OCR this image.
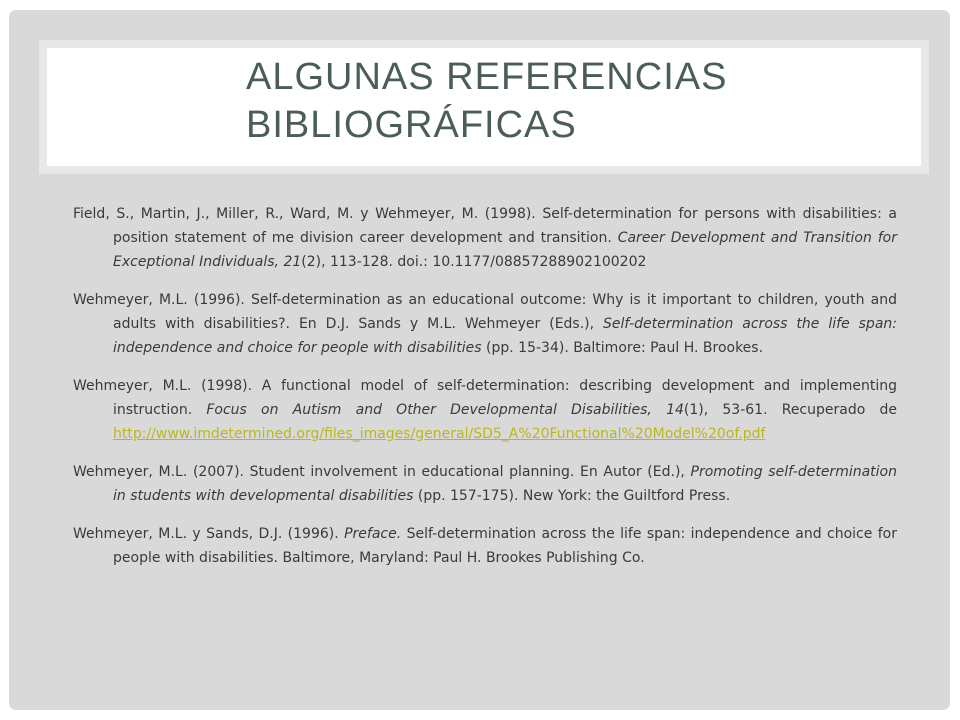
ALGUNAS REFERENCIAS
BIBLIOGRÁFICAS

Field, S., Martin, J., Miller, R., Ward, M. y Wehmeyer, M. (1998). Self-determination for persons with disabilities: a position statement of me division career development and transition. Career Development and Transition for Exceptional Individuals, 21(2), 113-128. doi.: 10.1177/08857288902100202

Wehmeyer, M.L. (1996). Self-determination as an educational outcome: Why is it important to children, youth and adults with disabilities?. En D.J. Sands y M.L. Wehmeyer (Eds.), Self-determination across the life span: independence and choice for people with disabilities (pp. 15-34). Baltimore: Paul H. Brookes.

Wehmeyer, M.L. (1998). A functional model of self-determination: describing development and implementing instruction. Focus on Autism and Other Developmental Disabilities, 14(1), 53-61. Recuperado de http://www.imdetermined.org/files_images/general/SD5_A%20Functional%20Model%20of.pdf

Wehmeyer, M.L. (2007). Student involvement in educational planning. En Autor (Ed.), Promoting self-determination in students with developmental disabilities (pp. 157-175). New York: the Guiltford Press.

Wehmeyer, M.L. y Sands, D.J. (1996). Preface. Self-determination across the life span: independence and choice for people with disabilities. Baltimore, Maryland: Paul H. Brookes Publishing Co.
